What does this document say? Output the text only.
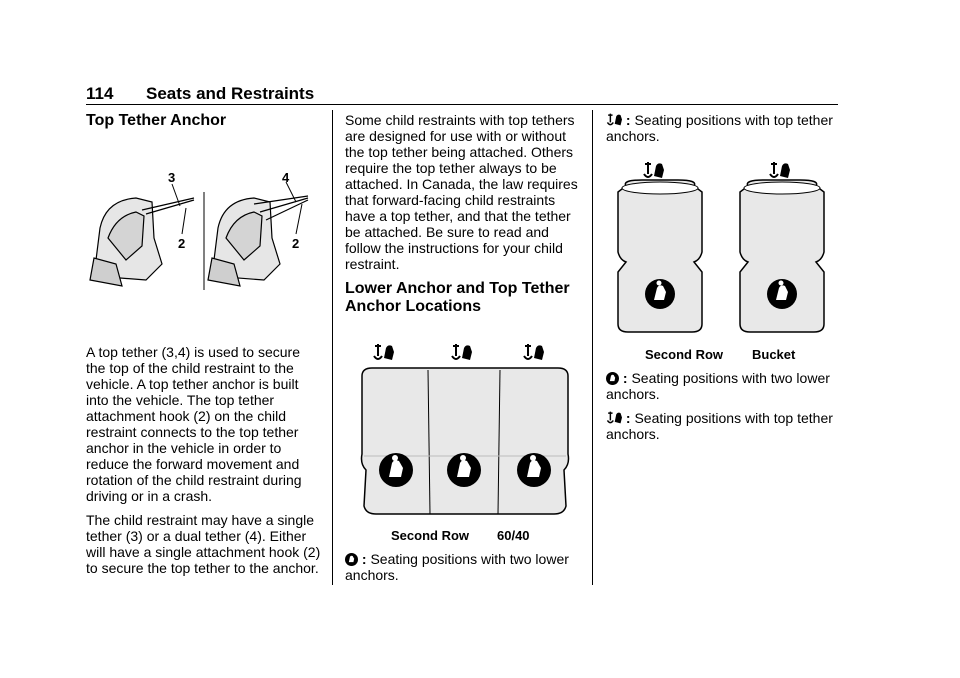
114 Seats and Restraints
Top Tether Anchor
3
2
4
2

A top tether (3,4) is used to secure the top of the child restraint to the vehicle. A top tether anchor is built into the vehicle. The top tether attachment hook (2) on the child restraint connects to the top tether anchor in the vehicle in order to reduce the forward movement and rotation of the child restraint during driving or in a crash.

The child restraint may have a single tether (3) or a dual tether (4). Either will have a single attachment hook (2) to secure the top tether to the anchor.

Some child restraints with top tethers are designed for use with or without the top tether being attached. Others require the top tether always to be attached. In Canada, the law requires that forward-facing child restraints have a top tether, and that the tether be attached. Be sure to read and follow the instructions for your child restraint.

Lower Anchor and Top Tether Anchor Locations
Second Row 60/40

: Seating positions with two lower anchors.

: Seating positions with top tether anchors.

Second Row Bucket

: Seating positions with two lower anchors.

: Seating positions with top tether anchors.
